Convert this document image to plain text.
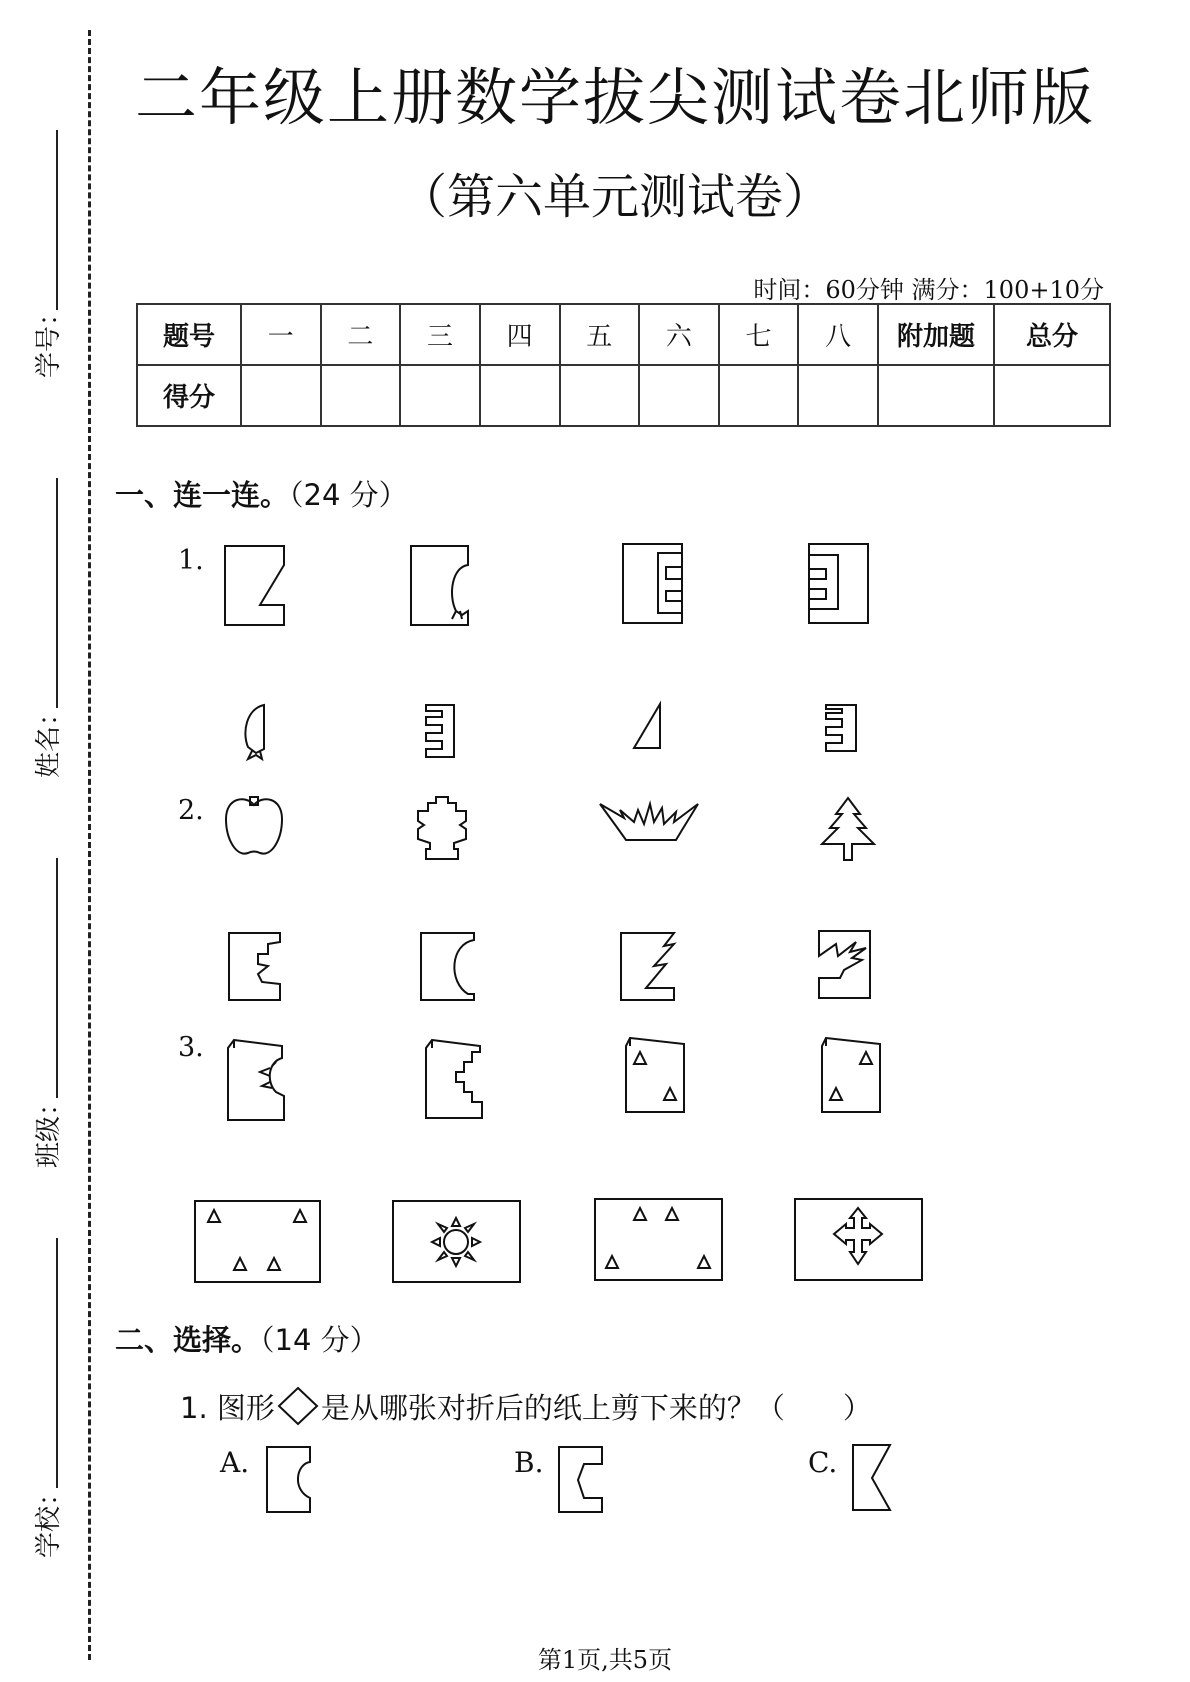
学号：
姓名：
班级：
学校：
二年级上册数学拔尖测试卷北师版
（第六单元测试卷）
时间：60分钟 满分：100+10分
题号	一	二	三	四	五	六	七	八	附加题	总分
得分										
一、连一连。（24 分）
1.
2.
3.
二、选择。（14 分）
1. 图形 是从哪张对折后的纸上剪下来的？（　　）
A.	B.	C.
第1页,共5页
